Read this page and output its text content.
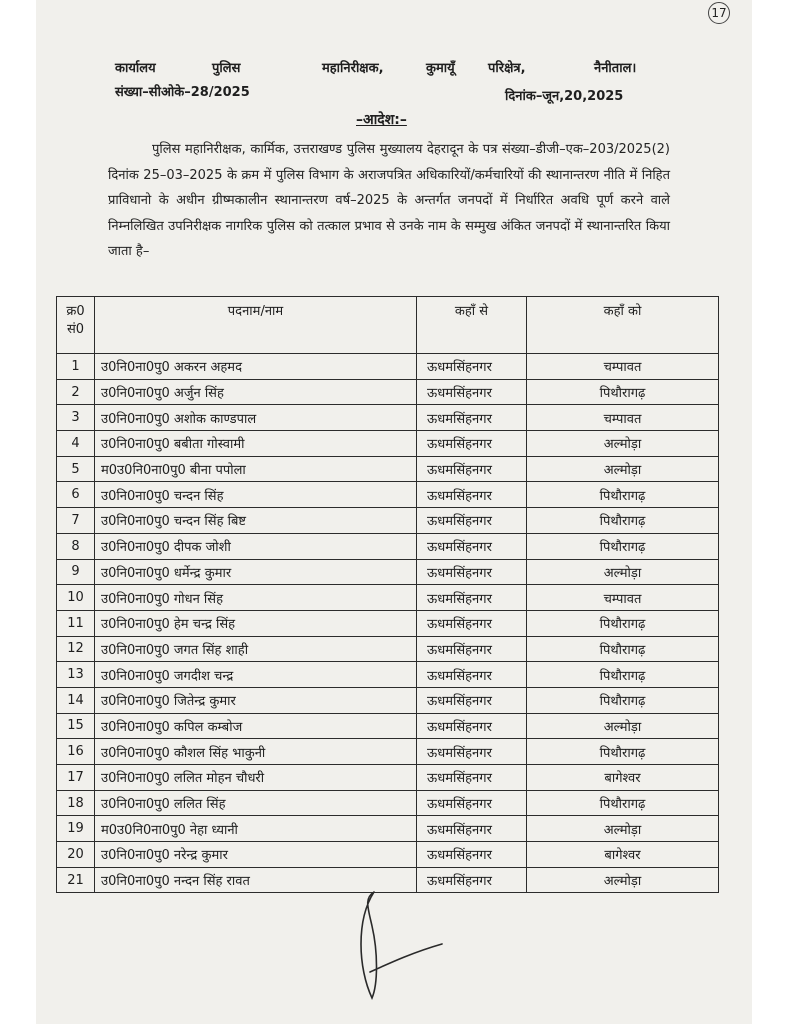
17
कार्यालय	पुलिस	महानिरीक्षक,	कुमायूँ	परिक्षेत्र,	नैनीताल।
संख्या–सीओके–28/2025	दिनांक–जून,20,2025
–आदेश:–
पुलिस महानिरीक्षक, कार्मिक, उत्तराखण्ड पुलिस मुख्यालय देहरादून के पत्र संख्या–डीजी–एक–203/2025(2) दिनांक 25–03–2025 के क्रम में पुलिस विभाग के अराजपत्रित अधिकारियों/कर्मचारियों की स्थानान्तरण नीति में निहित प्राविधानो के अधीन ग्रीष्मकालीन स्थानान्तरण वर्ष–2025 के अन्तर्गत जनपदों में निर्धारित अवधि पूर्ण करने वाले निम्नलिखित उपनिरीक्षक नागरिक पुलिस को तत्काल प्रभाव से उनके नाम के सम्मुख अंकित जनपदों में स्थानान्तरित किया जाता है–
क्र0
सं0	पदनाम/नाम	कहाँ से	कहाँ को
1	उ0नि0ना0पु0 अकरन अहमद	ऊधमसिंहनगर	चम्पावत
2	उ0नि0ना0पु0 अर्जुन सिंह	ऊधमसिंहनगर	पिथौरागढ़
3	उ0नि0ना0पु0 अशोक काण्डपाल	ऊधमसिंहनगर	चम्पावत
4	उ0नि0ना0पु0 बबीता गोस्वामी	ऊधमसिंहनगर	अल्मोड़ा
5	म0उ0नि0ना0पु0 बीना पपोला	ऊधमसिंहनगर	अल्मोड़ा
6	उ0नि0ना0पु0 चन्दन सिंह	ऊधमसिंहनगर	पिथौरागढ़
7	उ0नि0ना0पु0 चन्दन सिंह बिष्ट	ऊधमसिंहनगर	पिथौरागढ़
8	उ0नि0ना0पु0 दीपक जोशी	ऊधमसिंहनगर	पिथौरागढ़
9	उ0नि0ना0पु0 धर्मेन्द्र कुमार	ऊधमसिंहनगर	अल्मोड़ा
10	उ0नि0ना0पु0 गोधन सिंह	ऊधमसिंहनगर	चम्पावत
11	उ0नि0ना0पु0 हेम चन्द्र सिंह	ऊधमसिंहनगर	पिथौरागढ़
12	उ0नि0ना0पु0 जगत सिंह शाही	ऊधमसिंहनगर	पिथौरागढ़
13	उ0नि0ना0पु0 जगदीश चन्द्र	ऊधमसिंहनगर	पिथौरागढ़
14	उ0नि0ना0पु0 जितेन्द्र कुमार	ऊधमसिंहनगर	पिथौरागढ़
15	उ0नि0ना0पु0 कपिल कम्बोज	ऊधमसिंहनगर	अल्मोड़ा
16	उ0नि0ना0पु0 कौशल सिंह भाकुनी	ऊधमसिंहनगर	पिथौरागढ़
17	उ0नि0ना0पु0 ललित मोहन चौधरी	ऊधमसिंहनगर	बागेश्वर
18	उ0नि0ना0पु0 ललित सिंह	ऊधमसिंहनगर	पिथौरागढ़
19	म0उ0नि0ना0पु0 नेहा ध्यानी	ऊधमसिंहनगर	अल्मोड़ा
20	उ0नि0ना0पु0 नरेन्द्र कुमार	ऊधमसिंहनगर	बागेश्वर
21	उ0नि0ना0पु0 नन्दन सिंह रावत	ऊधमसिंहनगर	अल्मोड़ा
